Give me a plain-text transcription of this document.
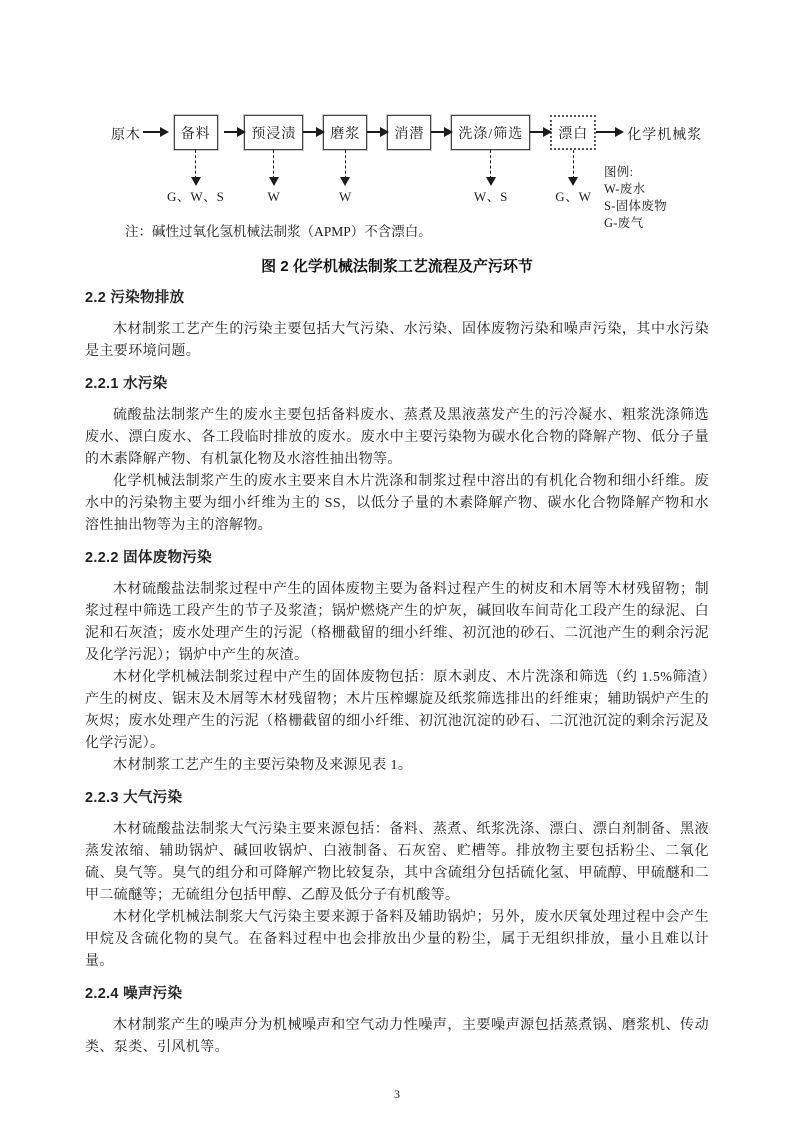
原木	备料
G、W、S
预浸渍
W
磨浆
W
消潜	洗涤/筛选
W、S
漂白
G、W
化学机械浆
图例:
W-废水
S-固体废物
G-废气
注：碱性过氧化氢机械法制浆（APMP）不含漂白。
图 2 化学机械法制浆工艺流程及产污环节
2.2 污染物排放

木材制浆工艺产生的污染主要包括大气污染、水污染、固体废物污染和噪声污染，其中水污染是主要环境问题。

2.2.1 水污染

硫酸盐法制浆产生的废水主要包括备料废水、蒸煮及黑液蒸发产生的污冷凝水、粗浆洗涤筛选废水、漂白废水、各工段临时排放的废水。废水中主要污染物为碳水化合物的降解产物、低分子量的木素降解产物、有机氯化物及水溶性抽出物等。

化学机械法制浆产生的废水主要来自木片洗涤和制浆过程中溶出的有机化合物和细小纤维。废水中的污染物主要为细小纤维为主的 SS，以低分子量的木素降解产物、碳水化合物降解产物和水溶性抽出物等为主的溶解物。

2.2.2 固体废物污染

木材硫酸盐法制浆过程中产生的固体废物主要为备料过程产生的树皮和木屑等木材残留物；制浆过程中筛选工段产生的节子及浆渣；锅炉燃烧产生的炉灰，碱回收车间苛化工段产生的绿泥、白泥和石灰渣；废水处理产生的污泥（格栅截留的细小纤维、初沉池的砂石、二沉池产生的剩余污泥及化学污泥）；锅炉中产生的灰渣。

木材化学机械法制浆过程中产生的固体废物包括：原木剥皮、木片洗涤和筛选（约 1.5%筛渣）产生的树皮、锯末及木屑等木材残留物；木片压榨螺旋及纸浆筛选排出的纤维束；辅助锅炉产生的灰烬；废水处理产生的污泥（格栅截留的细小纤维、初沉池沉淀的砂石、二沉池沉淀的剩余污泥及化学污泥）。

木材制浆工艺产生的主要污染物及来源见表 1。

2.2.3 大气污染

木材硫酸盐法制浆大气污染主要来源包括：备料、蒸煮、纸浆洗涤、漂白、漂白剂制备、黑液蒸发浓缩、辅助锅炉、碱回收锅炉、白液制备、石灰窑、贮槽等。排放物主要包括粉尘、二氧化硫、臭气等。臭气的组分和可降解产物比较复杂，其中含硫组分包括硫化氢、甲硫醇、甲硫醚和二甲二硫醚等；无硫组分包括甲醇、乙醇及低分子有机酸等。

木材化学机械法制浆大气污染主要来源于备料及辅助锅炉；另外，废水厌氧处理过程中会产生甲烷及含硫化物的臭气。在备料过程中也会排放出少量的粉尘，属于无组织排放，量小且难以计量。

2.2.4 噪声污染

木材制浆产生的噪声分为机械噪声和空气动力性噪声，主要噪声源包括蒸煮锅、磨浆机、传动类、泵类、引风机等。

3
